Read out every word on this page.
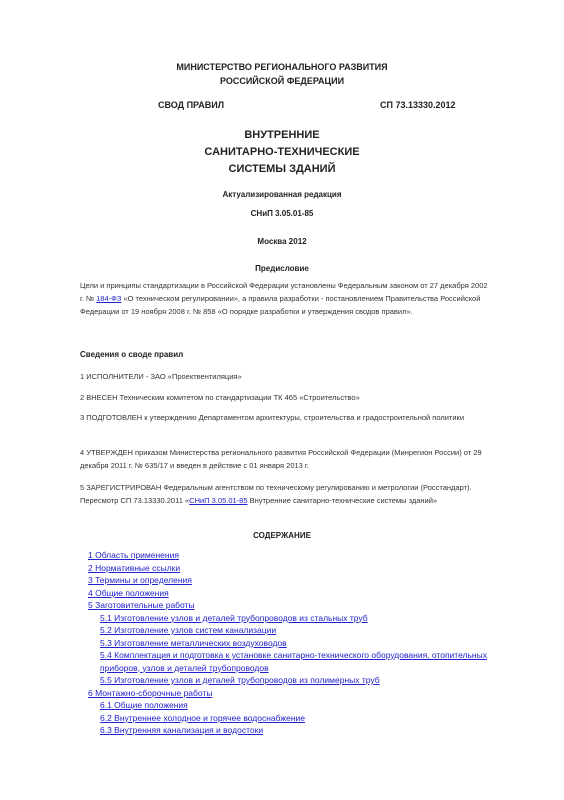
МИНИСТЕРСТВО РЕГИОНАЛЬНОГО РАЗВИТИЯ
РОССИЙСКОЙ ФЕДЕРАЦИИ
СВОД ПРАВИЛ	СП 73.13330.2012
ВНУТРЕННИЕ
САНИТАРНО-ТЕХНИЧЕСКИЕ
СИСТЕМЫ ЗДАНИЙ
Актуализированная редакция
СНиП 3.05.01-85
Москва 2012
Предисловие
Цели и принципы стандартизации в Российской Федерации установлены Федеральным законом от 27 декабря 2002 г. № 184-ФЗ «О техническом регулировании», а правила разработки - постановлением Правительства Российской Федерации от 19 ноября 2008 г. № 858 «О порядке разработки и утверждения сводов правил».
Сведения о своде правил
1 ИСПОЛНИТЕЛИ - ЗАО «Проектвентиляция»
2 ВНЕСЕН Техническим комитетом по стандартизации ТК 465 «Строительство»
3 ПОДГОТОВЛЕН к утверждению Департаментом архитектуры, строительства и градостроительной политики
4 УТВЕРЖДЕН приказом Министерства регионального развития Российской Федерации (Минрегион России) от 29 декабря 2011 г. № 635/17 и введен в действие с 01 января 2013 г.
5 ЗАРЕГИСТРИРОВАН Федеральным агентством по техническому регулированию и метрологии (Росстандарт). Пересмотр СП 73.13330.2011 «СНиП 3.05.01-85 Внутренние санитарно-технические системы зданий»
СОДЕРЖАНИЕ
1 Область применения
2 Нормативные ссылки
3 Термины и определения
4 Общие положения
5 Заготовительные работы
5.1 Изготовление узлов и деталей трубопроводов из стальных труб
5.2 Изготовление узлов систем канализации
5.3 Изготовление металлических воздуховодов
5.4 Комплектация и подготовка к установке санитарно-технического оборудования, отопительных приборов, узлов и деталей трубопроводов
5.5 Изготовление узлов и деталей трубопроводов из полимерных труб
6 Монтажно-сборочные работы
6.1 Общие положения
6.2 Внутреннее холодное и горячее водоснабжение
6.3 Внутренняя канализация и водостоки
